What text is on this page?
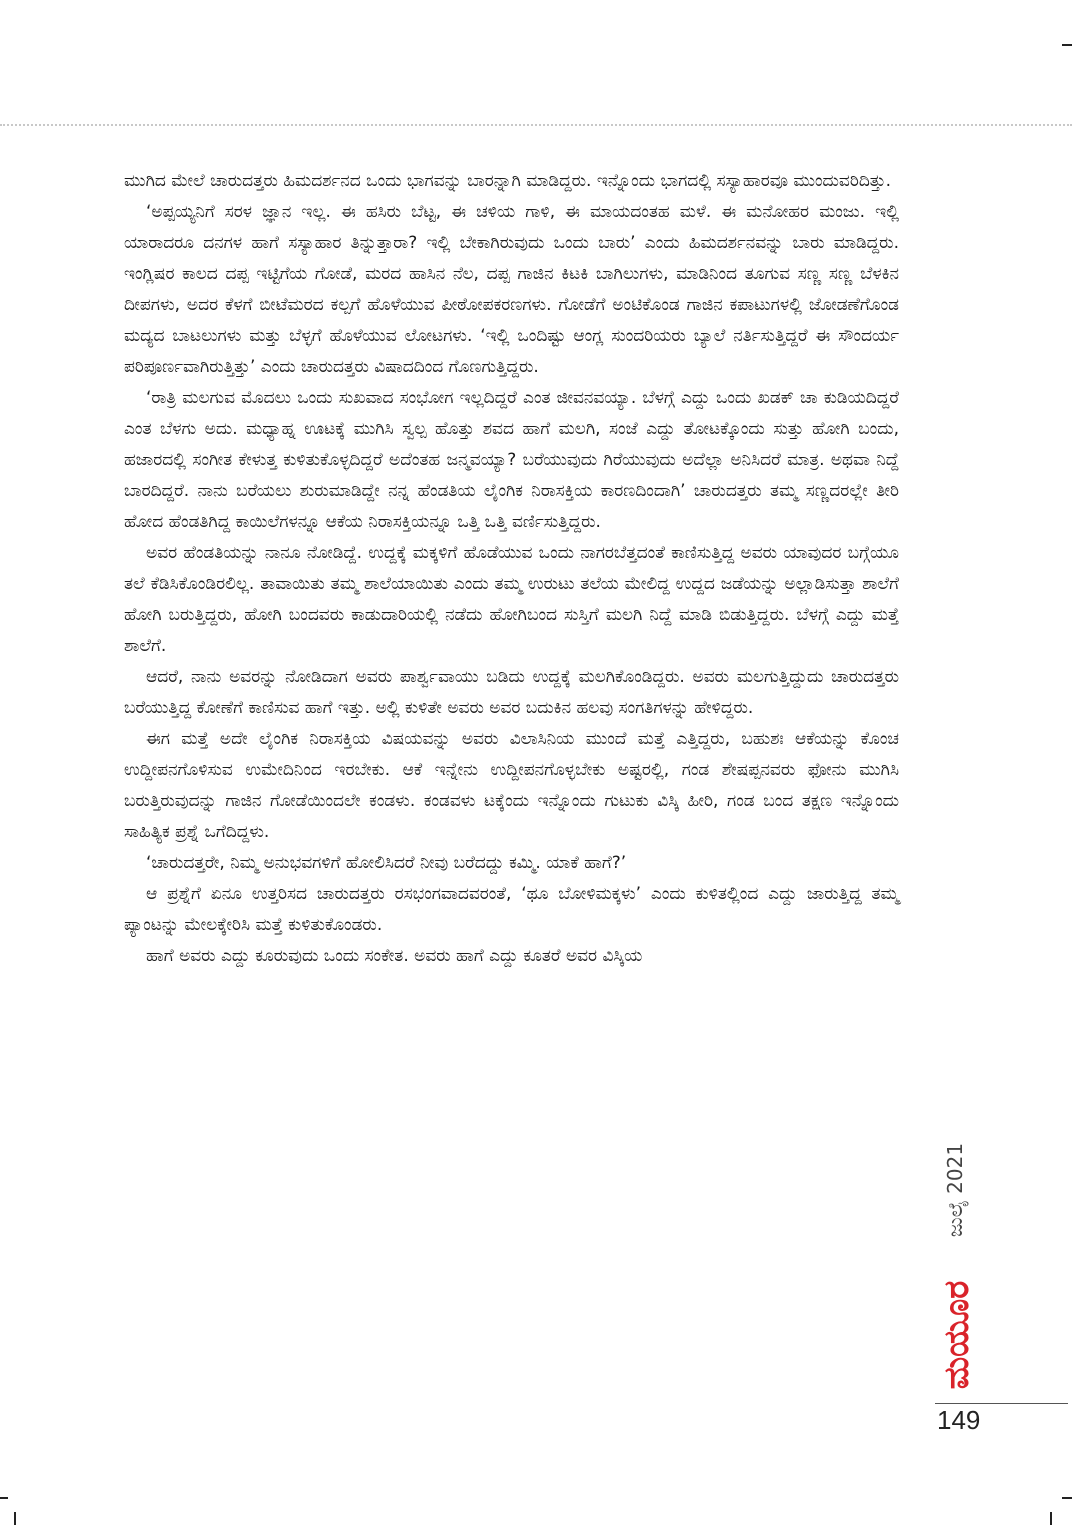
ಮುಗಿದ ಮೇಲೆ ಚಾರುದತ್ತರು ಹಿಮದರ್ಶನದ ಒಂದು ಭಾಗವನ್ನು ಬಾರನ್ನಾಗಿ ಮಾಡಿದ್ದರು. ಇನ್ನೊಂದು ಭಾಗದಲ್ಲಿ ಸಸ್ಯಾಹಾರವೂ ಮುಂದುವರಿದಿತ್ತು.

‘ಅಪ್ಪಯ್ಯನಿಗೆ ಸರಳ ಜ್ಞಾನ ಇಲ್ಲ. ಈ ಹಸಿರು ಬೆಟ್ಟ, ಈ ಚಳಿಯ ಗಾಳಿ, ಈ ಮಾಯದಂತಹ ಮಳೆ. ಈ ಮನೋಹರ ಮಂಜು. ಇಲ್ಲಿ ಯಾರಾದರೂ ದನಗಳ ಹಾಗೆ ಸಸ್ಯಾಹಾರ ತಿನ್ನುತ್ತಾರಾ? ಇಲ್ಲಿ ಬೇಕಾಗಿರುವುದು ಒಂದು ಬಾರು’ ಎಂದು ಹಿಮದರ್ಶನವನ್ನು ಬಾರು ಮಾಡಿದ್ದರು. ಇಂಗ್ಲಿಷರ ಕಾಲದ ದಪ್ಪ ಇಟ್ಟಿಗೆಯ ಗೋಡೆ, ಮರದ ಹಾಸಿನ ನೆಲ, ದಪ್ಪ ಗಾಜಿನ ಕಿಟಕಿ ಬಾಗಿಲುಗಳು, ಮಾಡಿನಿಂದ ತೂಗುವ ಸಣ್ಣ ಸಣ್ಣ ಬೆಳಕಿನ ದೀಪಗಳು, ಅದರ ಕೆಳಗೆ ಬೀಟೆಮರದ ಕಲ್ಪಗೆ ಹೊಳೆಯುವ ಪೀಠೋಪಕರಣಗಳು. ಗೋಡೆಗೆ ಅಂಟಿಕೊಂಡ ಗಾಜಿನ ಕಪಾಟುಗಳಲ್ಲಿ ಜೋಡಣೆಗೊಂಡ ಮದ್ಯದ ಬಾಟಲುಗಳು ಮತ್ತು ಬೆಳ್ಳಗೆ ಹೊಳೆಯುವ ಲೋಟಗಳು. ‘ಇಲ್ಲಿ ಒಂದಿಷ್ಟು ಆಂಗ್ಲ ಸುಂದರಿಯರು ಬ್ಯಾಲೆ ನರ್ತಿಸುತ್ತಿದ್ದರೆ ಈ ಸೌಂದರ್ಯ ಪರಿಪೂರ್ಣವಾಗಿರುತ್ತಿತ್ತು’ ಎಂದು ಚಾರುದತ್ತರು ವಿಷಾದದಿಂದ ಗೊಣಗುತ್ತಿದ್ದರು.

‘ರಾತ್ರಿ ಮಲಗುವ ಮೊದಲು ಒಂದು ಸುಖವಾದ ಸಂಭೋಗ ಇಲ್ಲದಿದ್ದರೆ ಎಂತ ಜೀವನವಯ್ಯಾ. ಬೆಳಗ್ಗೆ ಎದ್ದು ಒಂದು ಖಡಕ್ ಚಾ ಕುಡಿಯದಿದ್ದರೆ ಎಂತ ಬೆಳಗು ಅದು. ಮಧ್ಯಾಹ್ನ ಊಟಕ್ಕೆ ಮುಗಿಸಿ ಸ್ವಲ್ಪ ಹೊತ್ತು ಶವದ ಹಾಗೆ ಮಲಗಿ, ಸಂಜೆ ಎದ್ದು ತೋಟಕ್ಕೊಂದು ಸುತ್ತು ಹೋಗಿ ಬಂದು, ಹಜಾರದಲ್ಲಿ ಸಂಗೀತ ಕೇಳುತ್ತ ಕುಳಿತುಕೊಳ್ಳದಿದ್ದರೆ ಅದೆಂತಹ ಜನ್ಮವಯ್ಯಾ? ಬರೆಯುವುದು ಗಿರೆಯುವುದು ಅದೆಲ್ಲಾ ಅನಿಸಿದರೆ ಮಾತ್ರ. ಅಥವಾ ನಿದ್ದೆ ಬಾರದಿದ್ದರೆ. ನಾನು ಬರೆಯಲು ಶುರುಮಾಡಿದ್ದೇ ನನ್ನ ಹೆಂಡತಿಯ ಲೈಂಗಿಕ ನಿರಾಸಕ್ತಿಯ ಕಾರಣದಿಂದಾಗಿ’ ಚಾರುದತ್ತರು ತಮ್ಮ ಸಣ್ಣದರಲ್ಲೇ ತೀರಿ ಹೋದ ಹೆಂಡತಿಗಿದ್ದ ಕಾಯಿಲೆಗಳನ್ನೂ ಆಕೆಯ ನಿರಾಸಕ್ತಿಯನ್ನೂ ಒತ್ತಿ ಒತ್ತಿ ವರ್ಣಿಸುತ್ತಿದ್ದರು.

ಅವರ ಹೆಂಡತಿಯನ್ನು ನಾನೂ ನೋಡಿದ್ದೆ. ಉದ್ದಕ್ಕೆ ಮಕ್ಕಳಿಗೆ ಹೊಡೆಯುವ ಒಂದು ನಾಗರಬೆತ್ತದಂತೆ ಕಾಣಿಸುತ್ತಿದ್ದ ಅವರು ಯಾವುದರ ಬಗ್ಗೆಯೂ ತಲೆ ಕೆಡಿಸಿಕೊಂಡಿರಲಿಲ್ಲ. ತಾವಾಯಿತು ತಮ್ಮ ಶಾಲೆಯಾಯಿತು ಎಂದು ತಮ್ಮ ಉರುಟು ತಲೆಯ ಮೇಲಿದ್ದ ಉದ್ದದ ಜಡೆಯನ್ನು ಅಲ್ಲಾಡಿಸುತ್ತಾ ಶಾಲೆಗೆ ಹೋಗಿ ಬರುತ್ತಿದ್ದರು, ಹೋಗಿ ಬಂದವರು ಕಾಡುದಾರಿಯಲ್ಲಿ ನಡೆದು ಹೋಗಿಬಂದ ಸುಸ್ತಿಗೆ ಮಲಗಿ ನಿದ್ದೆ ಮಾಡಿ ಬಿಡುತ್ತಿದ್ದರು. ಬೆಳಗ್ಗೆ ಎದ್ದು ಮತ್ತೆ ಶಾಲೆಗೆ.

ಆದರೆ, ನಾನು ಅವರನ್ನು ನೋಡಿದಾಗ ಅವರು ಪಾರ್ಶ್ವವಾಯು ಬಡಿದು ಉದ್ದಕ್ಕೆ ಮಲಗಿಕೊಂಡಿದ್ದರು. ಅವರು ಮಲಗುತ್ತಿದ್ದುದು ಚಾರುದತ್ತರು ಬರೆಯುತ್ತಿದ್ದ ಕೋಣೆಗೆ ಕಾಣಿಸುವ ಹಾಗೆ ಇತ್ತು. ಅಲ್ಲಿ ಕುಳಿತೇ ಅವರು ಅವರ ಬದುಕಿನ ಹಲವು ಸಂಗತಿಗಳನ್ನು ಹೇಳಿದ್ದರು.

ಈಗ ಮತ್ತೆ ಅದೇ ಲೈಂಗಿಕ ನಿರಾಸಕ್ತಿಯ ವಿಷಯವನ್ನು ಅವರು ವಿಲಾಸಿನಿಯ ಮುಂದೆ ಮತ್ತೆ ಎತ್ತಿದ್ದರು, ಬಹುಶಃ ಆಕೆಯನ್ನು ಕೊಂಚ ಉದ್ದೀಪನಗೊಳಿಸುವ ಉಮೇದಿನಿಂದ ಇರಬೇಕು. ಆಕೆ ಇನ್ನೇನು ಉದ್ದೀಪನಗೊಳ್ಳಬೇಕು ಅಷ್ಟರಲ್ಲಿ, ಗಂಡ ಶೇಷಪ್ಪನವರು ಫೋನು ಮುಗಿಸಿ ಬರುತ್ತಿರುವುದನ್ನು ಗಾಜಿನ ಗೋಡೆಯಿಂದಲೇ ಕಂಡಳು. ಕಂಡವಳು ಟಕ್ಕೆಂದು ಇನ್ನೊಂದು ಗುಟುಕು ವಿಸ್ಕಿ ಹೀರಿ, ಗಂಡ ಬಂದ ತಕ್ಷಣ ಇನ್ನೊಂದು ಸಾಹಿತ್ಯಿಕ ಪ್ರಶ್ನೆ ಒಗೆದಿದ್ದಳು.

‘ಚಾರುದತ್ತರೇ, ನಿಮ್ಮ ಅನುಭವಗಳಿಗೆ ಹೋಲಿಸಿದರೆ ನೀವು ಬರೆದದ್ದು ಕಮ್ಮಿ. ಯಾಕೆ ಹಾಗೆ?’

ಆ ಪ್ರಶ್ನೆಗೆ ಏನೂ ಉತ್ತರಿಸದ ಚಾರುದತ್ತರು ರಸಭಂಗವಾದವರಂತೆ, ‘ಥೂ ಬೋಳಿಮಕ್ಕಳು’ ಎಂದು ಕುಳಿತಲ್ಲಿಂದ ಎದ್ದು ಜಾರುತ್ತಿದ್ದ ತಮ್ಮ ಪ್ಯಾಂಟನ್ನು ಮೇಲಕ್ಕೇರಿಸಿ ಮತ್ತೆ ಕುಳಿತುಕೊಂಡರು.

ಹಾಗೆ ಅವರು ಎದ್ದು ಕೂರುವುದು ಒಂದು ಸಂಕೇತ. ಅವರು ಹಾಗೆ ಎದ್ದು ಕೂತರೆ ಅವರ ವಿಸ್ಕಿಯ

ಜುಲೈ 2021
ಮಯೂರ
149
